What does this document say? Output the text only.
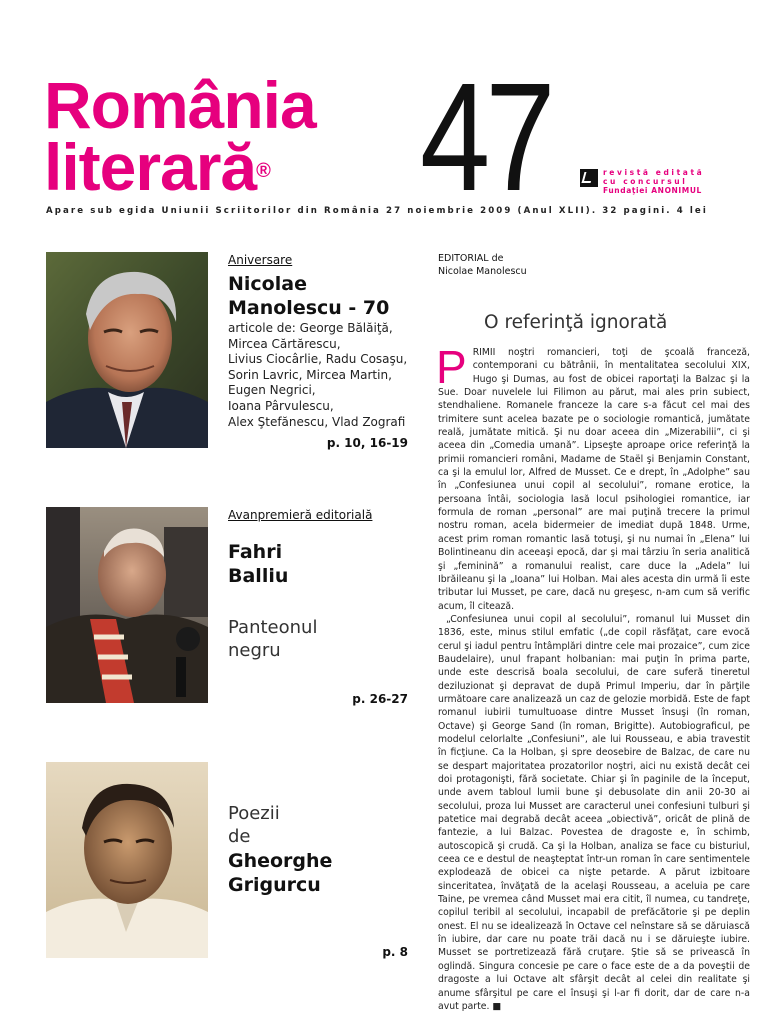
România
literară® 47	revistă editată
cu concursul
Fundaţiei ANONIMUL
Apare sub egida Uniunii Scriitorilor din România 27 noiembrie 2009 (Anul XLII). 32 pagini. 4 lei
Aniversare
Nicolae
Manolescu - 70
articole de: George Bălăiţă,
Mircea Cărtărescu,
Livius Ciocârlie, Radu Cosaşu,
Sorin Lavric, Mircea Martin,
Eugen Negrici,
Ioana Pârvulescu,
Alex Ştefănescu, Vlad Zografi
p. 10, 16-19
Avanpremieră editorială
Fahri
Balliu
Panteonul
negru
p. 26-27
Poezii
de
Gheorghe
Grigurcu
p. 8
EDITORIAL de
Nicolae Manolescu
O referinţă ignorată
P RIMII noştri romancieri, toţi de şcoală franceză, contemporani cu bătrânii, în mentalitatea secolului XIX, Hugo şi Dumas, au fost de obicei raportaţi la Balzac şi la Sue. Doar nuvelele lui Filimon au părut, mai ales prin subiect, stendhaliene. Romanele franceze la care s-a făcut cel mai des trimitere sunt acelea bazate pe o sociologie romantică, jumătate reală, jumătate mitică. Şi nu doar aceea din „Mizerabilii”, ci şi aceea din „Comedia umană”. Lipseşte aproape orice referinţă la primii romancieri români, Madame de Staël şi Benjamin Constant, ca şi la emulul lor, Alfred de Musset. Ce e drept, în „Adolphe” sau în „Confesiunea unui copil al secolului”, romane erotice, la persoana întâi, sociologia lasă locul psihologiei romantice, iar formula de roman „personal” are mai puţină trecere la primul nostru roman, acela bidermeier de imediat după 1848. Urme, acest prim roman romantic lasă totuşi, şi nu numai în „Elena” lui Bolintineanu din aceeaşi epocă, dar şi mai târziu în seria analitică şi „feminină” a romanului realist, care duce la „Adela” lui Ibrăileanu şi la „Ioana” lui Holban. Mai ales acesta din urmă îi este tributar lui Musset, pe care, dacă nu greşesc, n-am cum să verific acum, îl citează.

„Confesiunea unui copil al secolului”, romanul lui Musset din 1836, este, minus stilul emfatic („de copil răsfăţat, care evocă cerul şi iadul pentru întâmplări dintre cele mai prozaice”, cum zice Baudelaire), unul frapant holbanian: mai puţin în prima parte, unde este descrisă boala secolului, de care suferă tineretul deziluzionat şi depravat de după Primul Imperiu, dar în părţile următoare care analizează un caz de gelozie morbidă. Este de fapt romanul iubirii tumultuoase dintre Musset însuşi (în roman, Octave) şi George Sand (în roman, Brigitte). Autobiograficul, pe modelul celorlalte „Confesiuni”, ale lui Rousseau, e abia travestit în ficţiune. Ca la Holban, şi spre deosebire de Balzac, de care nu se despart majoritatea prozatorilor noştri, aici nu există decât cei doi protagonişti, fără societate. Chiar şi în paginile de la început, unde avem tabloul lumii bune şi debusolate din anii 20-30 ai secolului, proza lui Musset are caracterul unei confesiuni tulburi şi patetice mai degrabă decât aceea „obiectivă”, oricât de plină de fantezie, a lui Balzac. Povestea de dragoste e, în schimb, autoscopică şi crudă. Ca şi la Holban, analiza se face cu bisturiul, ceea ce e destul de neaşteptat într-un roman în care sentimentele explodează de obicei ca nişte petarde. A părut izbitoare sinceritatea, învăţată de la acelaşi Rousseau, a aceluia pe care Taine, pe vremea când Musset mai era citit, îl numea, cu tandreţe, copilul teribil al secolului, incapabil de prefăcătorie şi pe deplin onest. El nu se idealizează în Octave cel neînstare să se dăruiască în iubire, dar care nu poate trăi dacă nu i se dăruieşte iubire. Musset se portretizează fără cruţare. Ştie să se privească în oglindă. Singura concesie pe care o face este de a da poveştii de dragoste a lui Octave alt sfârşit decât al celei din realitate şi anume sfârşitul pe care el însuşi şi l-ar fi dorit, dar de care n-a avut parte. ■
